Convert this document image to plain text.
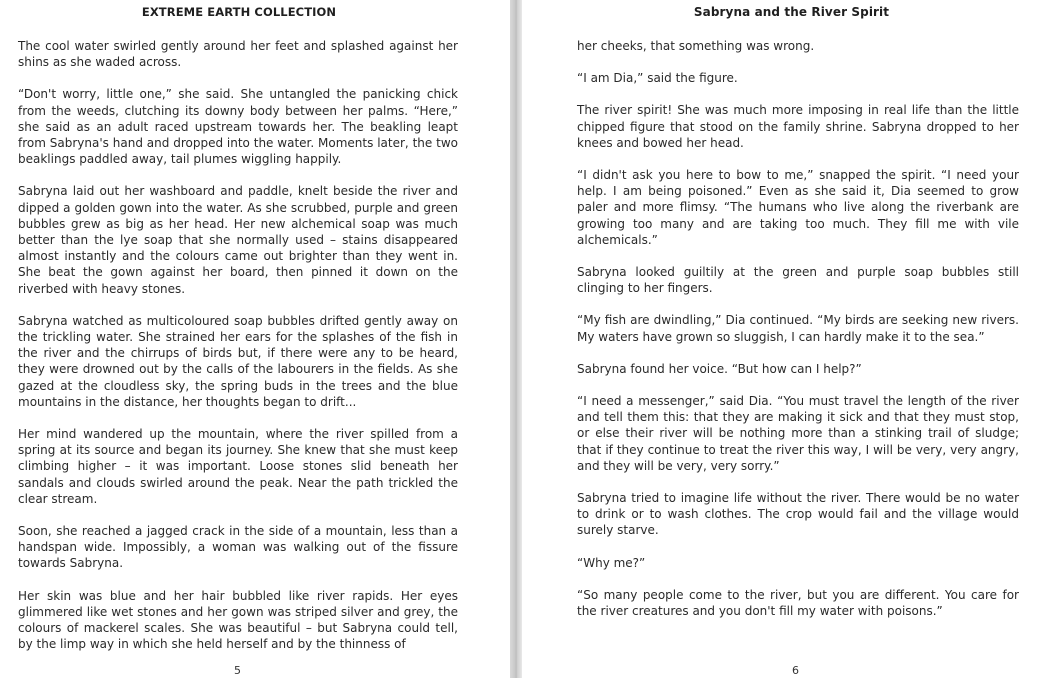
EXTREME EARTH COLLECTION

The cool water swirled gently around her feet and splashed against her shins as she waded across.

“Don't worry, little one,” she said. She untangled the panicking chick from the weeds, clutching its downy body between her palms. “Here,” she said as an adult raced upstream towards her. The beakling leapt from Sabryna's hand and dropped into the water. Moments later, the two beaklings paddled away, tail plumes wiggling happily.

Sabryna laid out her washboard and paddle, knelt beside the river and dipped a golden gown into the water. As she scrubbed, purple and green bubbles grew as big as her head. Her new alchemical soap was much better than the lye soap that she normally used – stains disappeared almost instantly and the colours came out brighter than they went in. She beat the gown against her board, then pinned it down on the riverbed with heavy stones.

Sabryna watched as multicoloured soap bubbles drifted gently away on the trickling water. She strained her ears for the splashes of the fish in the river and the chirrups of birds but, if there were any to be heard, they were drowned out by the calls of the labourers in the fields. As she gazed at the cloudless sky, the spring buds in the trees and the blue mountains in the distance, her thoughts began to drift...

Her mind wandered up the mountain, where the river spilled from a spring at its source and began its journey. She knew that she must keep climbing higher – it was important. Loose stones slid beneath her sandals and clouds swirled around the peak. Near the path trickled the clear stream.

Soon, she reached a jagged crack in the side of a mountain, less than a handspan wide. Impossibly, a woman was walking out of the fissure towards Sabryna.

Her skin was blue and her hair bubbled like river rapids. Her eyes glimmered like wet stones and her gown was striped silver and grey, the colours of mackerel scales. She was beautiful – but Sabryna could tell, by the limp way in which she held herself and by the thinness of

5
Sabryna and the River Spirit

her cheeks, that something was wrong.

“I am Dia,” said the figure.

The river spirit! She was much more imposing in real life than the little chipped figure that stood on the family shrine. Sabryna dropped to her knees and bowed her head.

“I didn't ask you here to bow to me,” snapped the spirit. “I need your help. I am being poisoned.” Even as she said it, Dia seemed to grow paler and more flimsy. “The humans who live along the riverbank are growing too many and are taking too much. They fill me with vile alchemicals.”

Sabryna looked guiltily at the green and purple soap bubbles still clinging to her fingers.

“My fish are dwindling,” Dia continued. “My birds are seeking new rivers. My waters have grown so sluggish, I can hardly make it to the sea.”

Sabryna found her voice. “But how can I help?”

“I need a messenger,” said Dia. “You must travel the length of the river and tell them this: that they are making it sick and that they must stop, or else their river will be nothing more than a stinking trail of sludge; that if they continue to treat the river this way, I will be very, very angry, and they will be very, very sorry.”

Sabryna tried to imagine life without the river. There would be no water to drink or to wash clothes. The crop would fail and the village would surely starve.

“Why me?”

“So many people come to the river, but you are different. You care for the river creatures and you don't fill my water with poisons.”

6
